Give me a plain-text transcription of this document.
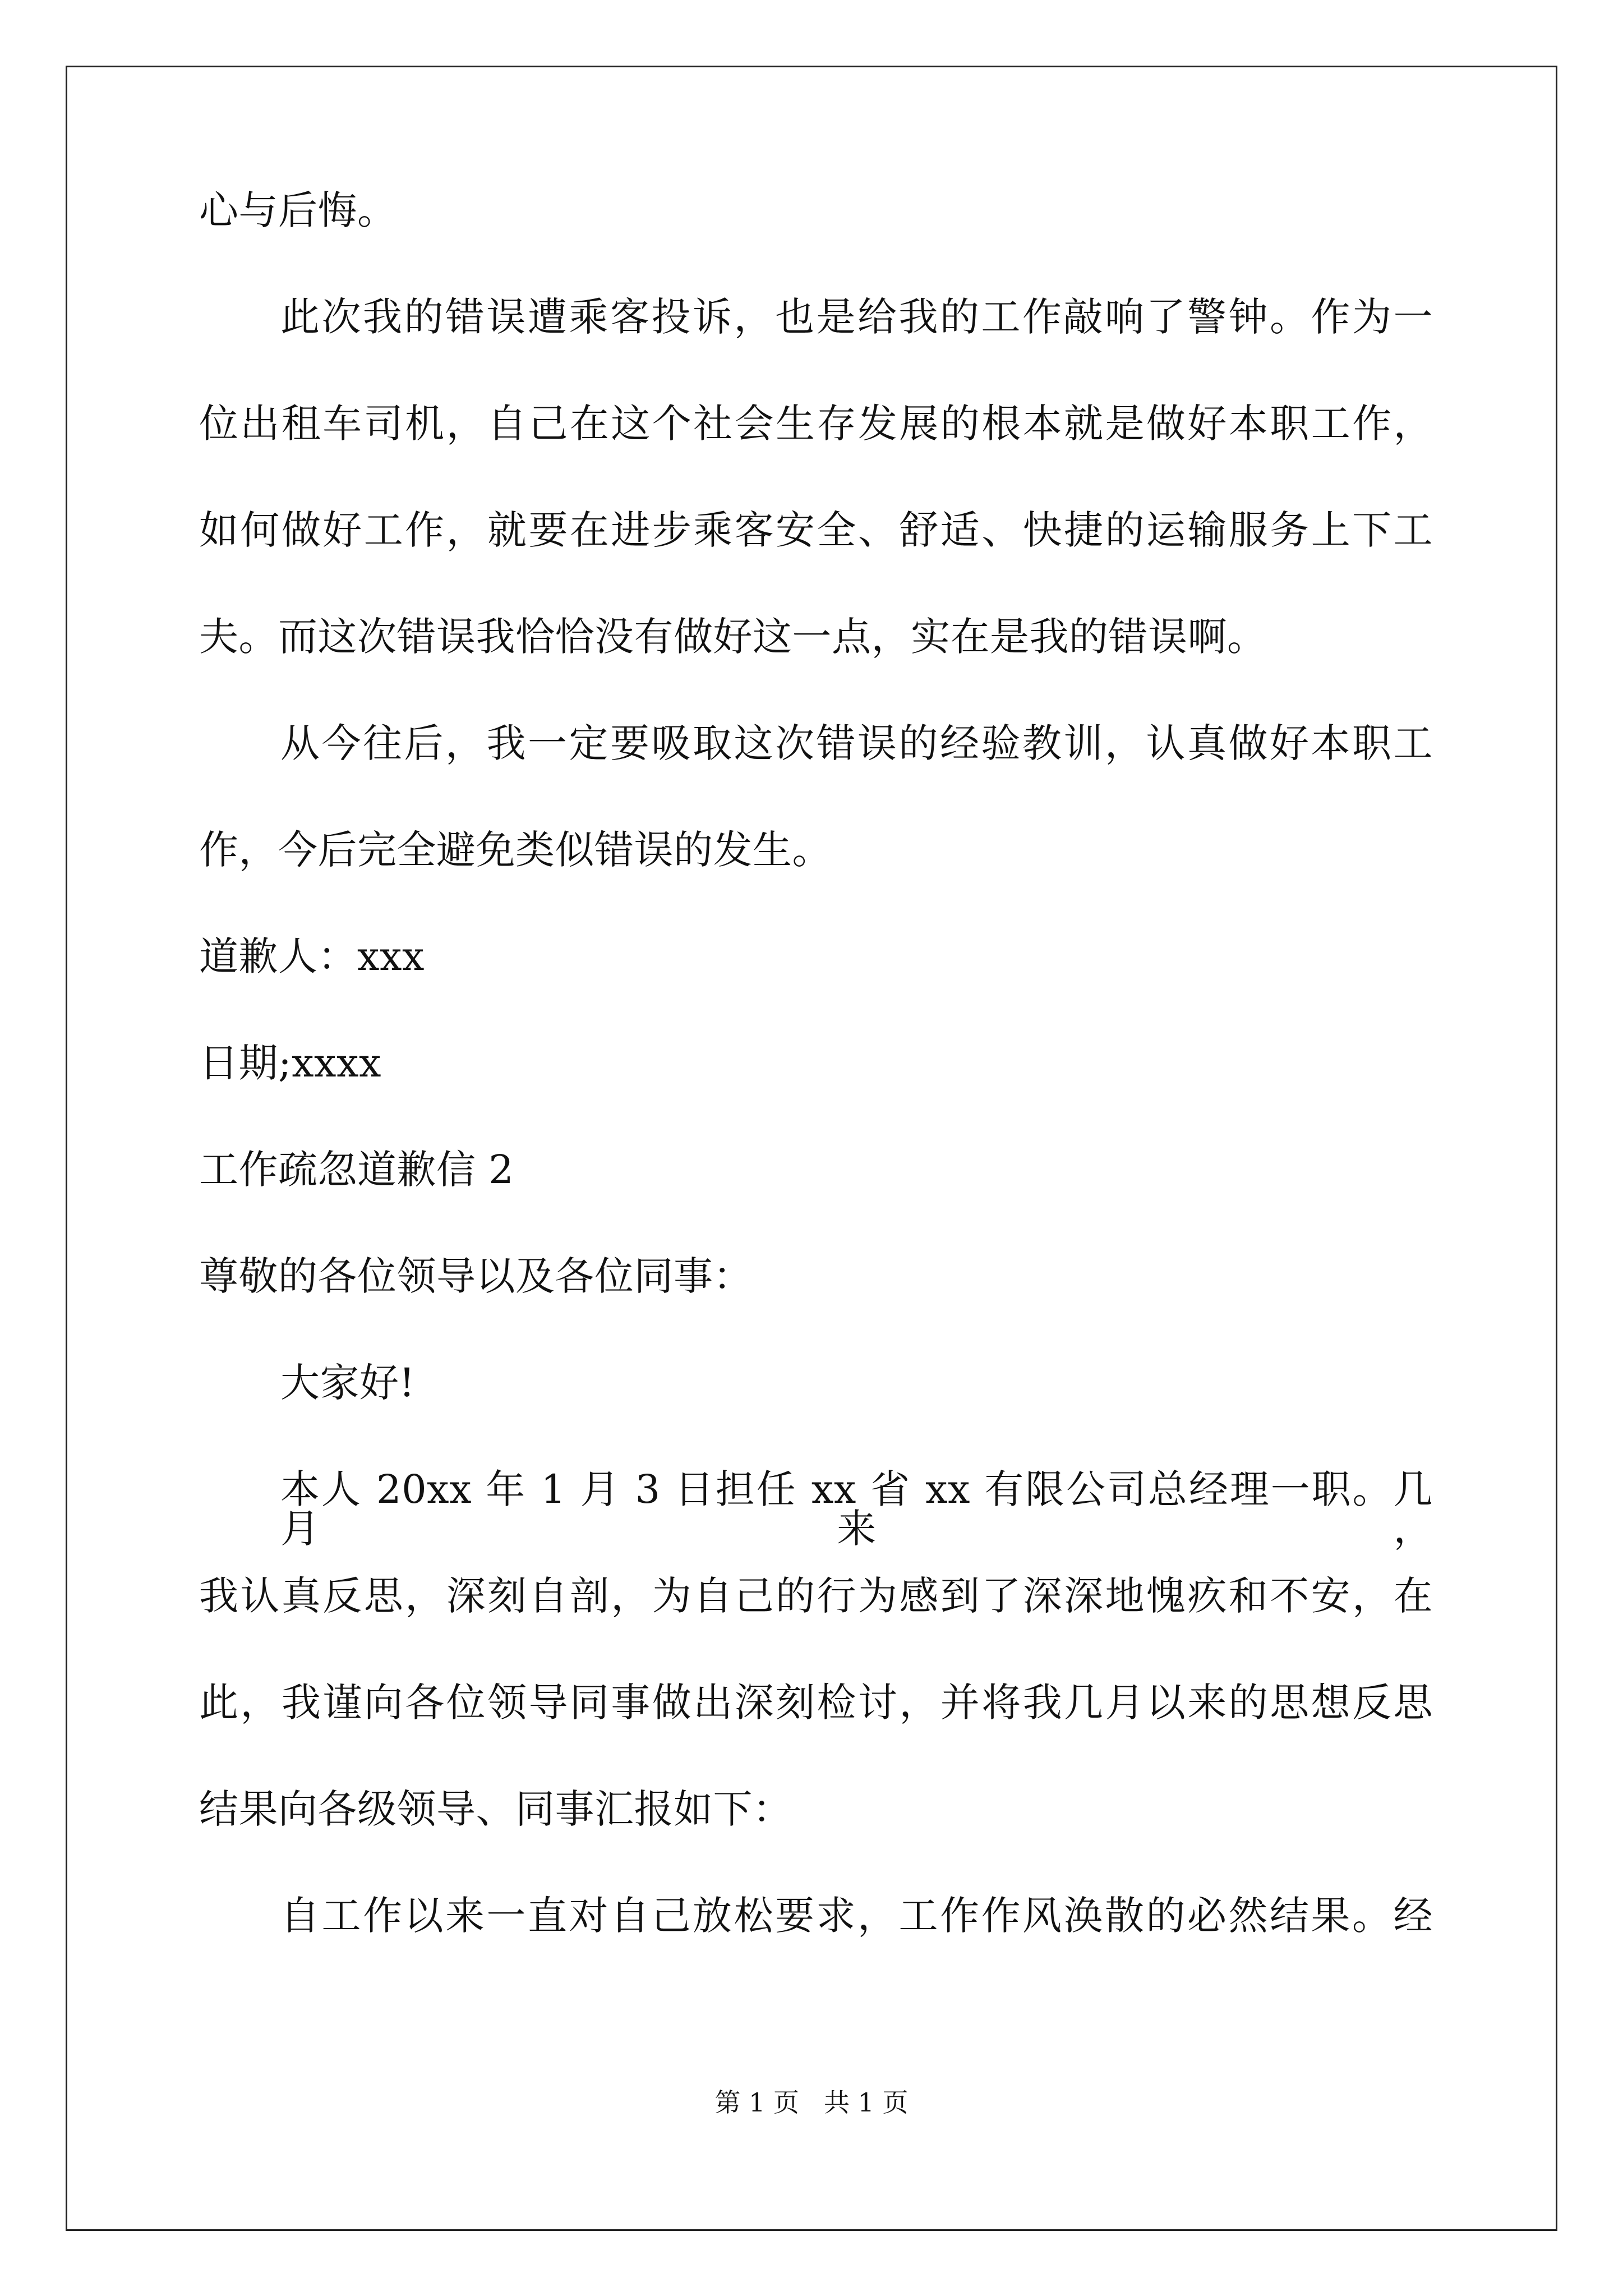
心与后悔。
此次我的错误遭乘客投诉，也是给我的工作敲响了警钟。作为一
位出租车司机，自己在这个社会生存发展的根本就是做好本职工作，
如何做好工作，就要在进步乘客安全、舒适、快捷的运输服务上下工
夫。而这次错误我恰恰没有做好这一点，实在是我的错误啊。
从今往后，我一定要吸取这次错误的经验教训，认真做好本职工
作，今后完全避免类似错误的发生。
道歉人：xxx
日期;xxxx
工作疏忽道歉信 2
尊敬的各位领导以及各位同事：
大家好!
本人 20xx 年 1 月 3 日担任 xx 省 xx 有限公司总经理一职。几月来，
我认真反思，深刻自剖，为自己的行为感到了深深地愧疚和不安，在
此，我谨向各位领导同事做出深刻检讨，并将我几月以来的思想反思
结果向各级领导、同事汇报如下：
自工作以来一直对自己放松要求，工作作风涣散的必然结果。经
第 1 页 共 1 页
